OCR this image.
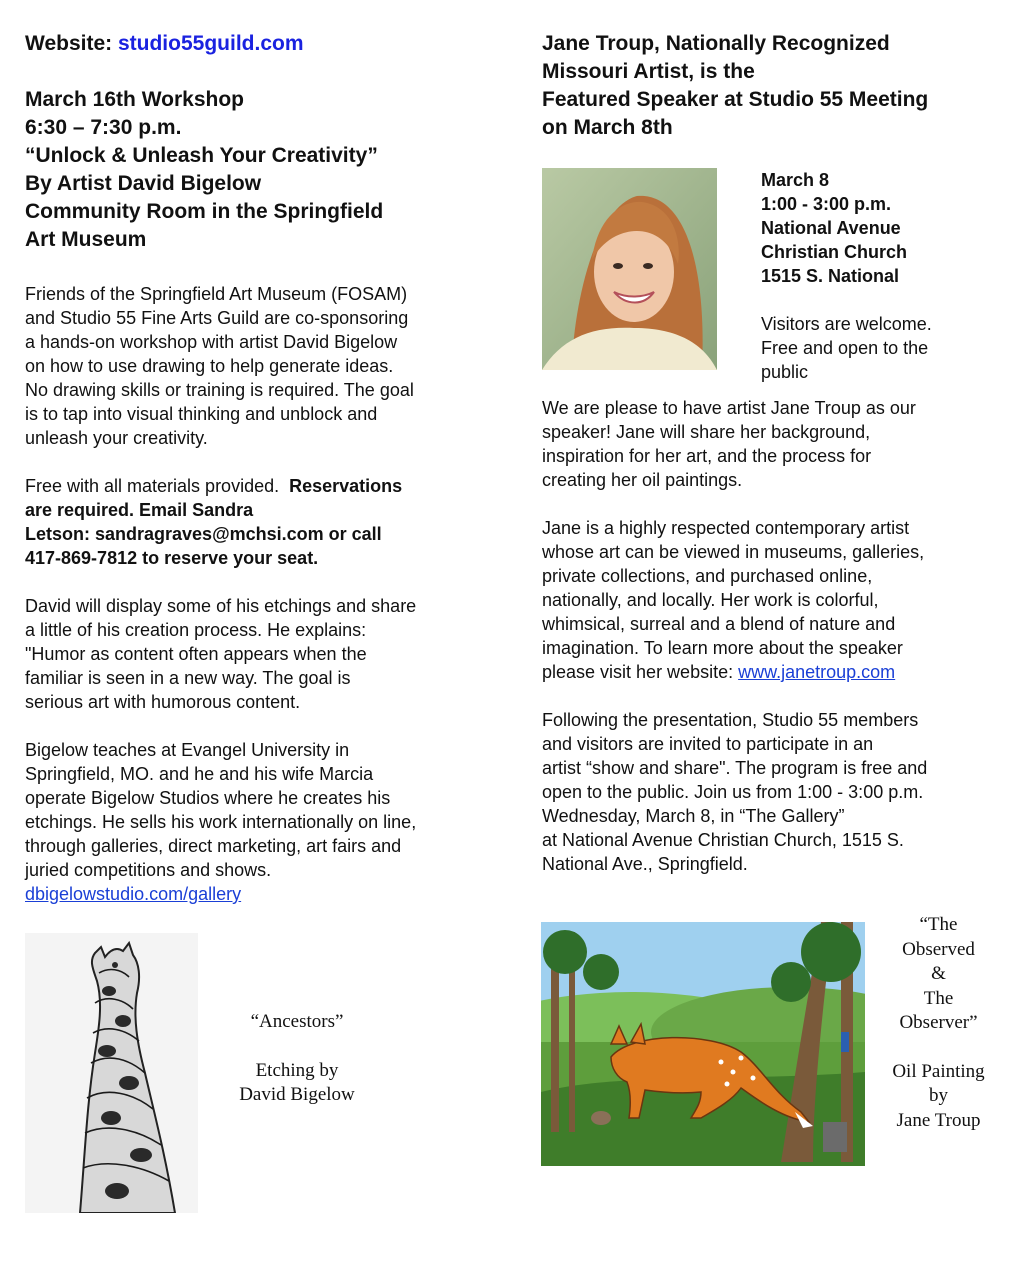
Website: studio55guild.com
March 16th Workshop
6:30 – 7:30 p.m.
“Unlock & Unleash Your Creativity”
By Artist David Bigelow
Community Room in the Springfield
Art Museum
Friends of the Springfield Art Museum (FOSAM)
and Studio 55 Fine Arts Guild are co-sponsoring
a hands-on workshop with artist David Bigelow
on how to use drawing to help generate ideas.
No drawing skills or training is required. The goal
is to tap into visual thinking and unblock and
unleash your creativity.
Free with all materials provided. Reservations
are required. Email Sandra
Letson: sandragraves@mchsi.com or call
417-869-7812 to reserve your seat.
David will display some of his etchings and share
a little of his creation process. He explains:
"Humor as content often appears when the
familiar is seen in a new way. The goal is
serious art with humorous content.
Bigelow teaches at Evangel University in
Springfield, MO. and he and his wife Marcia
operate Bigelow Studios where he creates his
etchings. He sells his work internationally on line,
through galleries, direct marketing, art fairs and
juried competitions and shows.
dbigelowstudio.com/gallery
“Ancestors”
Etching by
David Bigelow
Jane Troup, Nationally Recognized
Missouri Artist, is the
Featured Speaker at Studio 55 Meeting
on March 8th
March 8
1:00 - 3:00 p.m.
National Avenue
Christian Church
1515 S. National
Visitors are welcome.
Free and open to the
public
We are please to have artist Jane Troup as our
speaker! Jane will share her background,
inspiration for her art, and the process for
creating her oil paintings.
Jane is a highly respected contemporary artist
whose art can be viewed in museums, galleries,
private collections, and purchased online,
nationally, and locally. Her work is colorful,
whimsical, surreal and a blend of nature and
imagination. To learn more about the speaker
please visit her website: www.janetroup.com
Following the presentation, Studio 55 members
and visitors are invited to participate in an
artist “show and share". The program is free and
open to the public. Join us from 1:00 - 3:00 p.m.
Wednesday, March 8, in “The Gallery”
at National Avenue Christian Church, 1515 S.
National Ave., Springfield.
“The
Observed
&
The
Observer”
Oil Painting
by
Jane Troup
